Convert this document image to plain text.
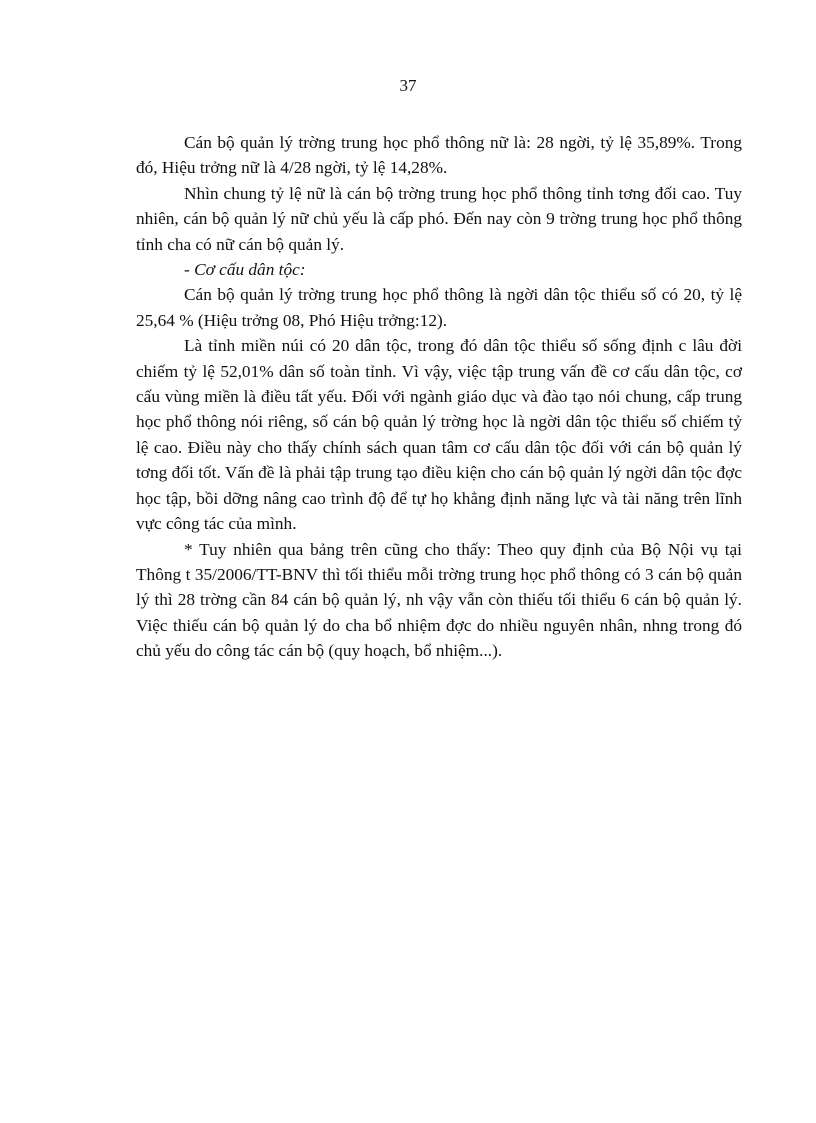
37

Cán bộ quản lý trờng trung học phổ thông nữ là: 28 ngời, tỷ lệ 35,89%. Trong đó, Hiệu trởng nữ là 4/28 ngời, tỷ lệ 14,28%.

Nhìn chung tỷ lệ nữ là cán bộ trờng trung học phổ thông tỉnh tơng đối cao. Tuy nhiên, cán bộ quản lý nữ chủ yếu là cấp phó. Đến nay còn 9 trờng trung học phổ thông tỉnh cha có nữ cán bộ quản lý.

- Cơ cấu dân tộc:

Cán bộ quản lý trờng trung học phổ thông là ngời dân tộc thiểu số có 20, tỷ lệ 25,64 % (Hiệu trởng 08, Phó Hiệu trởng:12).

Là tỉnh miền núi có 20 dân tộc, trong đó dân tộc thiểu số sống định c lâu đời chiếm tỷ lệ 52,01% dân số toàn tỉnh. Vì vậy, việc tập trung vấn đề cơ cấu dân tộc, cơ cấu vùng miền là điều tất yếu. Đối với ngành giáo dục và đào tạo nói chung, cấp trung học phổ thông nói riêng, số cán bộ quản lý trờng học là ngời dân tộc thiểu số chiếm tỷ lệ cao. Điều này cho thấy chính sách quan tâm cơ cấu dân tộc đối với cán bộ quản lý tơng đối tốt. Vấn đề là phải tập trung tạo điều kiện cho cán bộ quản lý ngời dân tộc đợc học tập, bồi dỡng nâng cao trình độ để tự họ khẳng định năng lực và tài năng trên lĩnh vực công tác của mình.

* Tuy nhiên qua bảng trên cũng cho thấy: Theo quy định của Bộ Nội vụ tại Thông t 35/2006/TT-BNV thì tối thiểu mỗi trờng trung học phổ thông có 3 cán bộ quản lý thì 28 trờng cần 84 cán bộ quản lý, nh vậy vẫn còn thiếu tối thiểu 6 cán bộ quản lý. Việc thiếu cán bộ quản lý do cha bổ nhiệm đợc do nhiều nguyên nhân, nhng trong đó chủ yếu do công tác cán bộ (quy hoạch, bổ nhiệm...).
